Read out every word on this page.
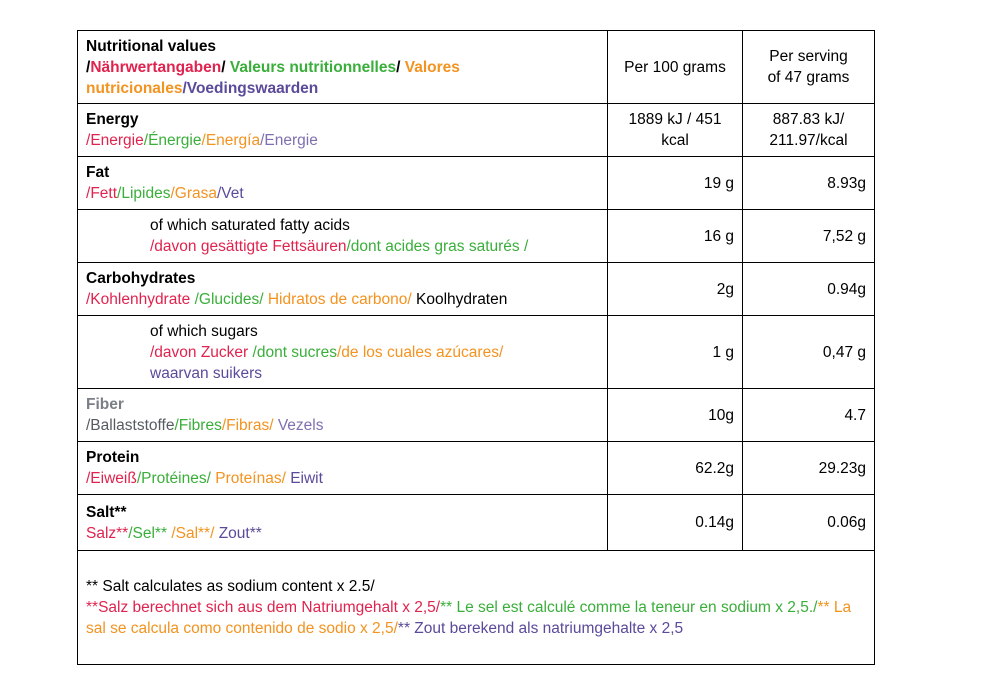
Nutritional values
/Nährwertangaben/ Valeurs nutritionnelles/ Valores nutricionales/Voedingswaarden	Per 100 grams	Per serving of 47 grams
Energy
/Energie/Énergie/Energía/Energie	1889 kJ / 451 kcal	887.83 kJ/ 211.97/kcal
Fat
/Fett/Lipides/Grasa/Vet	19 g	8.93g
of which saturated fatty acids
/davon gesättigte Fettsäuren/dont acides gras saturés /	16 g	7,52 g
Carbohydrates
/Kohlenhydrate /Glucides/ Hidratos de carbono/ Koolhydraten	2g	0.94g
of which sugars
/davon Zucker /dont sucres/de los cuales azúcares/
waarvan suikers	1 g	0,47 g
Fiber
/Ballaststoffe/Fibres/Fibras/ Vezels	10g	4.7
Protein
/Eiweiß/Protéines/ Proteínas/ Eiwit	62.2g	29.23g
Salt**
Salz**/Sel** /Sal**/ Zout**	0.14g	0.06g
** Salt calculates as sodium content x 2.5/
**Salz berechnet sich aus dem Natriumgehalt x 2,5/** Le sel est calculé comme la teneur en sodium x 2,5./** La sal se calcula como contenido de sodio x 2,5/** Zout berekend als natriumgehalte x 2,5		
